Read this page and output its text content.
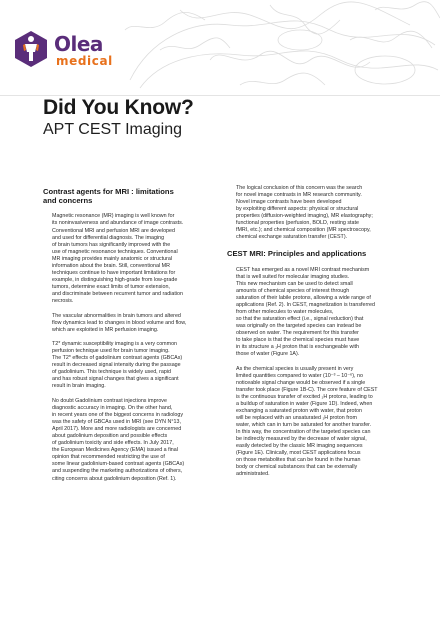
Olea
medical
Did You Know?
APT CEST Imaging
Contrast agents for MRI : limitations
and concerns
Magnetic resonance (MR) imaging is well known for
its noninvasiveness and abundance of image contrasts.
Conventional MRI and perfusion MRI are developed
and used for differential diagnosis. The imaging
of brain tumors has significantly improved with the
use of magnetic resonance techniques. Conventional
MR imaging provides mainly anatomic or structural
information about the brain. Still, conventional MR
techniques continue to have important limitations for
example, in distinguishing high-grade from low-grade
tumors, determine exact limits of tumor extension,
and discriminate between recurrent tumor and radiation
necrosis.
The vascular abnormalities in brain tumors and altered
flow dynamics lead to changes in blood volume and flow,
which are exploited in MR perfusion imaging.
T2* dynamic susceptibility imaging is a very common
perfusion technique used for brain tumor imaging.
The T2* effects of gadolinium contrast agents (GBCAs)
result in decreased signal intensity during the passage
of gadolinium. This technique is widely used, rapid
and has robust signal changes that gives a significant
result in brain imaging.
No doubt Gadolinium contrast injections improve
diagnostic accuracy in imaging. On the other hand,
in recent years one of the biggest concerns in radiology
was the safety of GBCAs used in MRI (see DYN N°13,
April 2017). More and more radiologists are concerned
about gadolinium deposition and possible effects
of gadolinium toxicity and side effects. In July 2017,
the European Medicines Agency (EMA) issued a final
opinion that recommended restricting the use of
some linear gadolinium-based contrast agents (GBCAs)
and suspending the marketing authorizations of others,
citing concerns about gadolinium deposition (Ref. 1).
The logical conclusion of this concern was the search
for novel image contrasts in MR research community.
Novel image contrasts have been developed
by exploiting different aspects: physical or structural
properties (diffusion-weighted imaging), MR elastography;
functional properties (perfusion, BOLD, resting state
fMRI, etc.); and chemical composition (MR spectroscopy,
chemical exchange saturation transfer (CEST).
CEST MRI: Principles and applications
CEST has emerged as a novel MRI contrast mechanism
that is well suited for molecular imaging studies.
This new mechanism can be used to detect small
amounts of chemical species of interest through
saturation of their labile protons, allowing a wide range of
applications (Ref. 2). In CEST, magnetization is transferred
from other molecules to water molecules,
so that the saturation effect (i.e., signal reduction) that
was originally on the targeted species can instead be
observed on water. The requirement for this transfer
to take place is that the chemical species must have
in its structure a ₁H proton that is exchangeable with
those of water (Figure 1A).
As the chemical species is usually present in very
limited quantities compared to water (10⁻³ – 10⁻⁶), no
noticeable signal change would be observed if a single
transfer took place (Figure 1B-C). The core feature of CEST
is the continuous transfer of excited ₁H protons, leading to
a buildup of saturation in water (Figure 1D). Indeed, when
exchanging a saturated proton with water, that proton
will be replaced with an unsaturated ₁H proton from
water, which can in turn be saturated for another transfer.
In this way, the concentration of the targeted species can
be indirectly measured by the decrease of water signal,
easily detected by the classic MR imaging sequences
(Figure 1E). Clinically, most CEST applications focus
on those metabolites that can be found in the human
body or chemical substances that can be externally
administrated.
